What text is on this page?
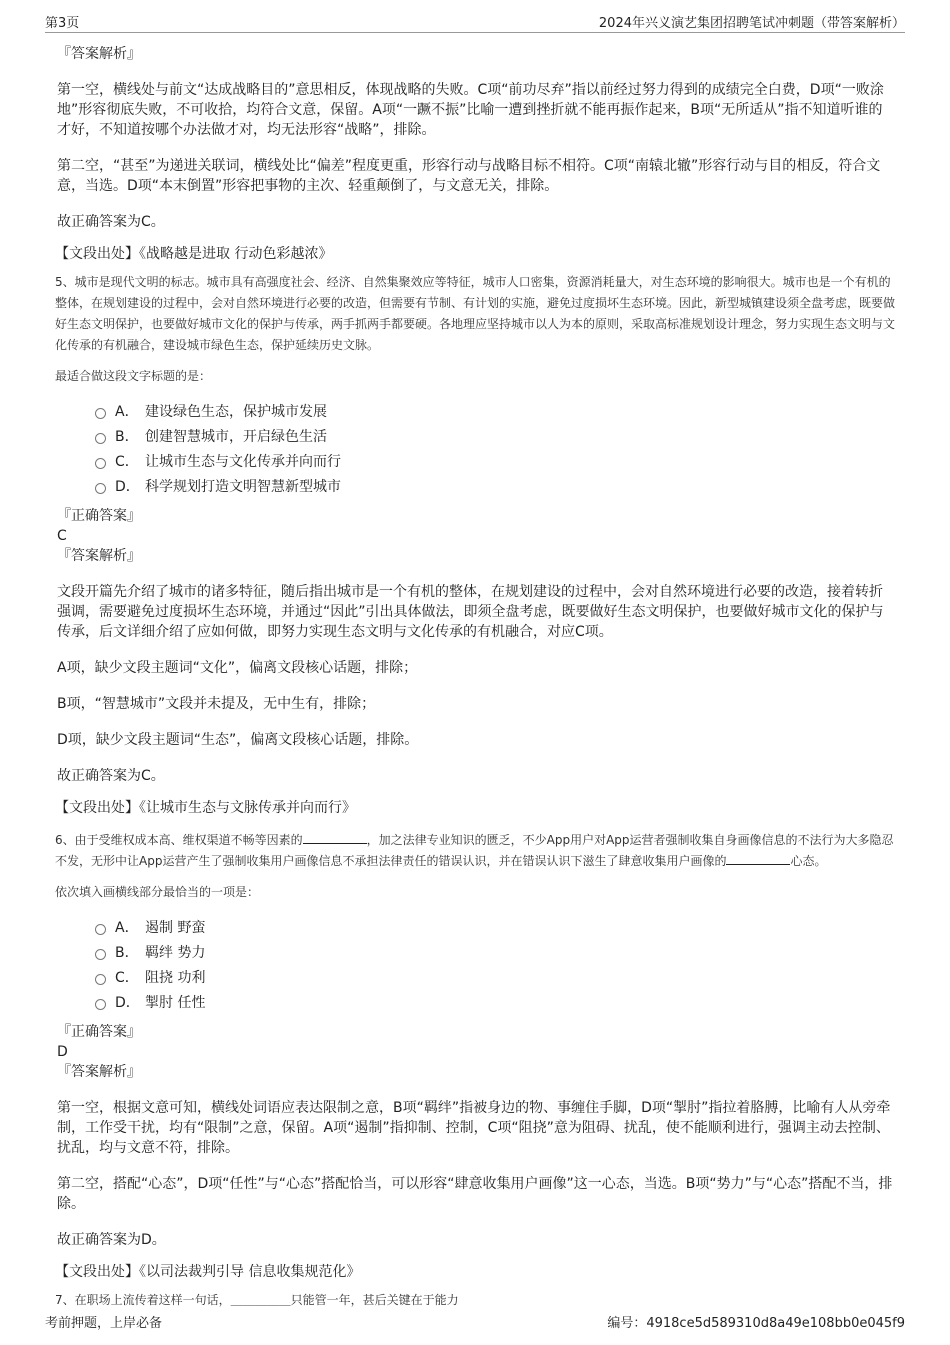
第3页	2024年兴义演艺集团招聘笔试冲刺题（带答案解析）
『答案解析』

第一空，横线处与前文“达成战略目的”意思相反，体现战略的失败。C项“前功尽弃”指以前经过努力得到的成绩完全白费，D项“一败涂地”形容彻底失败，不可收拾，均符合文意，保留。A项“一蹶不振”比喻一遭到挫折就不能再振作起来，B项“无所适从”指不知道听谁的才好，不知道按哪个办法做才对，均无法形容“战略”，排除。

第二空，“甚至”为递进关联词，横线处比“偏差”程度更重，形容行动与战略目标不相符。C项“南辕北辙”形容行动与目的相反，符合文意，当选。D项“本末倒置”形容把事物的主次、轻重颠倒了，与文意无关，排除。

故正确答案为C。

【文段出处】《战略越是进取 行动色彩越浓》
5、城市是现代文明的标志。城市具有高强度社会、经济、自然集聚效应等特征，城市人口密集，资源消耗量大，对生态环境的影响很大。城市也是一个有机的整体，在规划建设的过程中，会对自然环境进行必要的改造，但需要有节制、有计划的实施，避免过度损坏生态环境。因此，新型城镇建设须全盘考虑，既要做好生态文明保护，也要做好城市文化的保护与传承，两手抓两手都要硬。各地理应坚持城市以人为本的原则，采取高标准规划设计理念，努力实现生态文明与文化传承的有机融合，建设城市绿色生态，保护延续历史文脉。
最适合做这段文字标题的是：
A． 建设绿色生态，保护城市发展
B． 创建智慧城市，开启绿色生活
C． 让城市生态与文化传承并向而行
D． 科学规划打造文明智慧新型城市
『正确答案』
C
『答案解析』

文段开篇先介绍了城市的诸多特征，随后指出城市是一个有机的整体，在规划建设的过程中，会对自然环境进行必要的改造，接着转折强调，需要避免过度损坏生态环境，并通过“因此”引出具体做法，即须全盘考虑，既要做好生态文明保护，也要做好城市文化的保护与传承，后文详细介绍了应如何做，即努力实现生态文明与文化传承的有机融合，对应C项。

A项，缺少文段主题词“文化”，偏离文段核心话题，排除；

B项，“智慧城市”文段并未提及，无中生有，排除；

D项，缺少文段主题词“生态”，偏离文段核心话题，排除。

故正确答案为C。

【文段出处】《让城市生态与文脉传承并向而行》
6、由于受维权成本高、维权渠道不畅等因素的	，加之法律专业知识的匮乏，不少App用户对App运营者强制收集自身画像信息的不法行为大多隐忍不发，无形中让App运营产生了强制收集用户画像信息不承担法律责任的错误认识，并在错误认识下滋生了肆意收集用户画像的	心态。
依次填入画横线部分最恰当的一项是：
A． 遏制 野蛮
B． 羁绊 势力
C． 阻挠 功利
D． 掣肘 任性
『正确答案』
D
『答案解析』

第一空，根据文意可知，横线处词语应表达限制之意，B项“羁绊”指被身边的物、事缠住手脚，D项“掣肘”指拉着胳膊，比喻有人从旁牵制，工作受干扰，均有“限制”之意，保留。A项“遏制”指抑制、控制，C项“阻挠”意为阻碍、扰乱，使不能顺利进行，强调主动去控制、扰乱，均与文意不符，排除。

第二空，搭配“心态”，D项“任性”与“心态”搭配恰当，可以形容“肆意收集用户画像”这一心态，当选。B项“势力”与“心态”搭配不当，排除。

故正确答案为D。

【文段出处】《以司法裁判引导 信息收集规范化》
7、在职场上流传着这样一句话，＿＿＿＿＿只能管一年，甚后关键在于能力
考前押题，上岸必备	编号：4918ce5d589310d8a49e108bb0e045f9
